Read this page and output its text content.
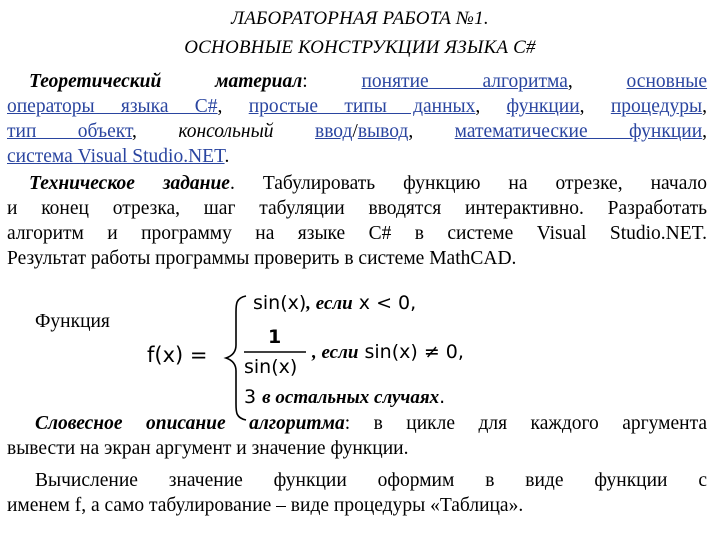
ЛАБОРАТОРНАЯ РАБОТА №1.
ОСНОВНЫЕ КОНСТРУКЦИИ ЯЗЫКА C#
Теоретический материал:	понятие алгоритма, основные
операторы языка C#, простые типы данных, функции, процедуры,
тип объект, консольный ввод/вывод, математические функции,
система Visual Studio.NET.
Техническое задание. Табулировать функцию на отрезке, начало
и конец отрезка, шаг табуляции вводятся интерактивно. Разработать
алгоритм и программу на языке C# в системе Visual Studio.NET.
Результат работы программы проверить в системе MathCAD.
Функция
f(x) =
sin(x), если x < 0,
1
sin(x)
, если sin(x) ≠ 0,
3 в остальных случаях.
Словесное описание алгоритма: в цикле для каждого аргумента
вывести на экран аргумент и значение функции.
Вычисление значение функции оформим в виде функции с
именем f, а само табулирование – виде процедуры «Таблица».
